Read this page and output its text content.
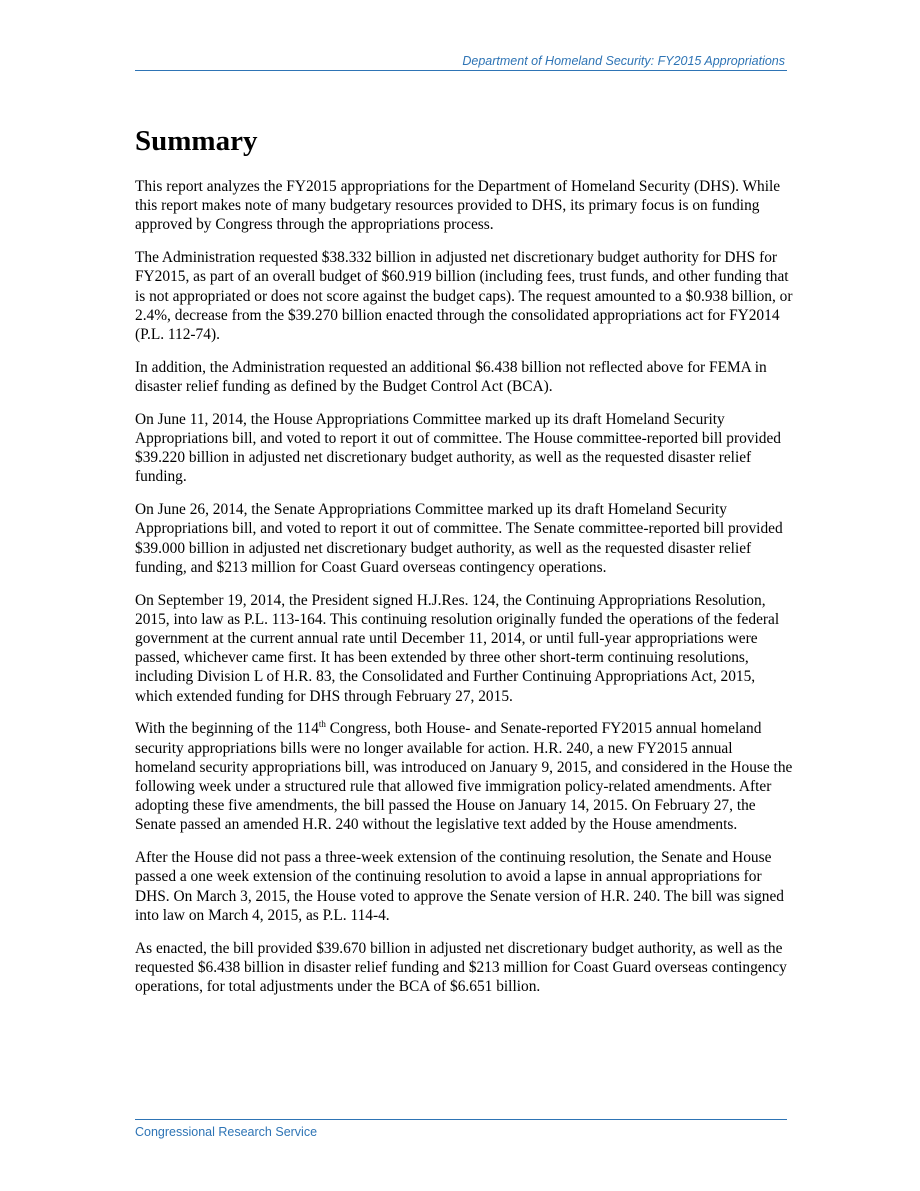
Department of Homeland Security: FY2015 Appropriations
Summary

This report analyzes the FY2015 appropriations for the Department of Homeland Security (DHS). While this report makes note of many budgetary resources provided to DHS, its primary focus is on funding approved by Congress through the appropriations process.

The Administration requested $38.332 billion in adjusted net discretionary budget authority for DHS for FY2015, as part of an overall budget of $60.919 billion (including fees, trust funds, and other funding that is not appropriated or does not score against the budget caps). The request amounted to a $0.938 billion, or 2.4%, decrease from the $39.270 billion enacted through the consolidated appropriations act for FY2014 (P.L. 112-74).

In addition, the Administration requested an additional $6.438 billion not reflected above for FEMA in disaster relief funding as defined by the Budget Control Act (BCA).

On June 11, 2014, the House Appropriations Committee marked up its draft Homeland Security Appropriations bill, and voted to report it out of committee. The House committee-reported bill provided $39.220 billion in adjusted net discretionary budget authority, as well as the requested disaster relief funding.

On June 26, 2014, the Senate Appropriations Committee marked up its draft Homeland Security Appropriations bill, and voted to report it out of committee. The Senate committee-reported bill provided $39.000 billion in adjusted net discretionary budget authority, as well as the requested disaster relief funding, and $213 million for Coast Guard overseas contingency operations.

On September 19, 2014, the President signed H.J.Res. 124, the Continuing Appropriations Resolution, 2015, into law as P.L. 113-164. This continuing resolution originally funded the operations of the federal government at the current annual rate until December 11, 2014, or until full-year appropriations were passed, whichever came first. It has been extended by three other short-term continuing resolutions, including Division L of H.R. 83, the Consolidated and Further Continuing Appropriations Act, 2015, which extended funding for DHS through February 27, 2015.

With the beginning of the 114th Congress, both House- and Senate-reported FY2015 annual homeland security appropriations bills were no longer available for action. H.R. 240, a new FY2015 annual homeland security appropriations bill, was introduced on January 9, 2015, and considered in the House the following week under a structured rule that allowed five immigration policy-related amendments. After adopting these five amendments, the bill passed the House on January 14, 2015. On February 27, the Senate passed an amended H.R. 240 without the legislative text added by the House amendments.

After the House did not pass a three-week extension of the continuing resolution, the Senate and House passed a one week extension of the continuing resolution to avoid a lapse in annual appropriations for DHS. On March 3, 2015, the House voted to approve the Senate version of H.R. 240. The bill was signed into law on March 4, 2015, as P.L. 114-4.

As enacted, the bill provided $39.670 billion in adjusted net discretionary budget authority, as well as the requested $6.438 billion in disaster relief funding and $213 million for Coast Guard overseas contingency operations, for total adjustments under the BCA of $6.651 billion.

Congressional Research Service
